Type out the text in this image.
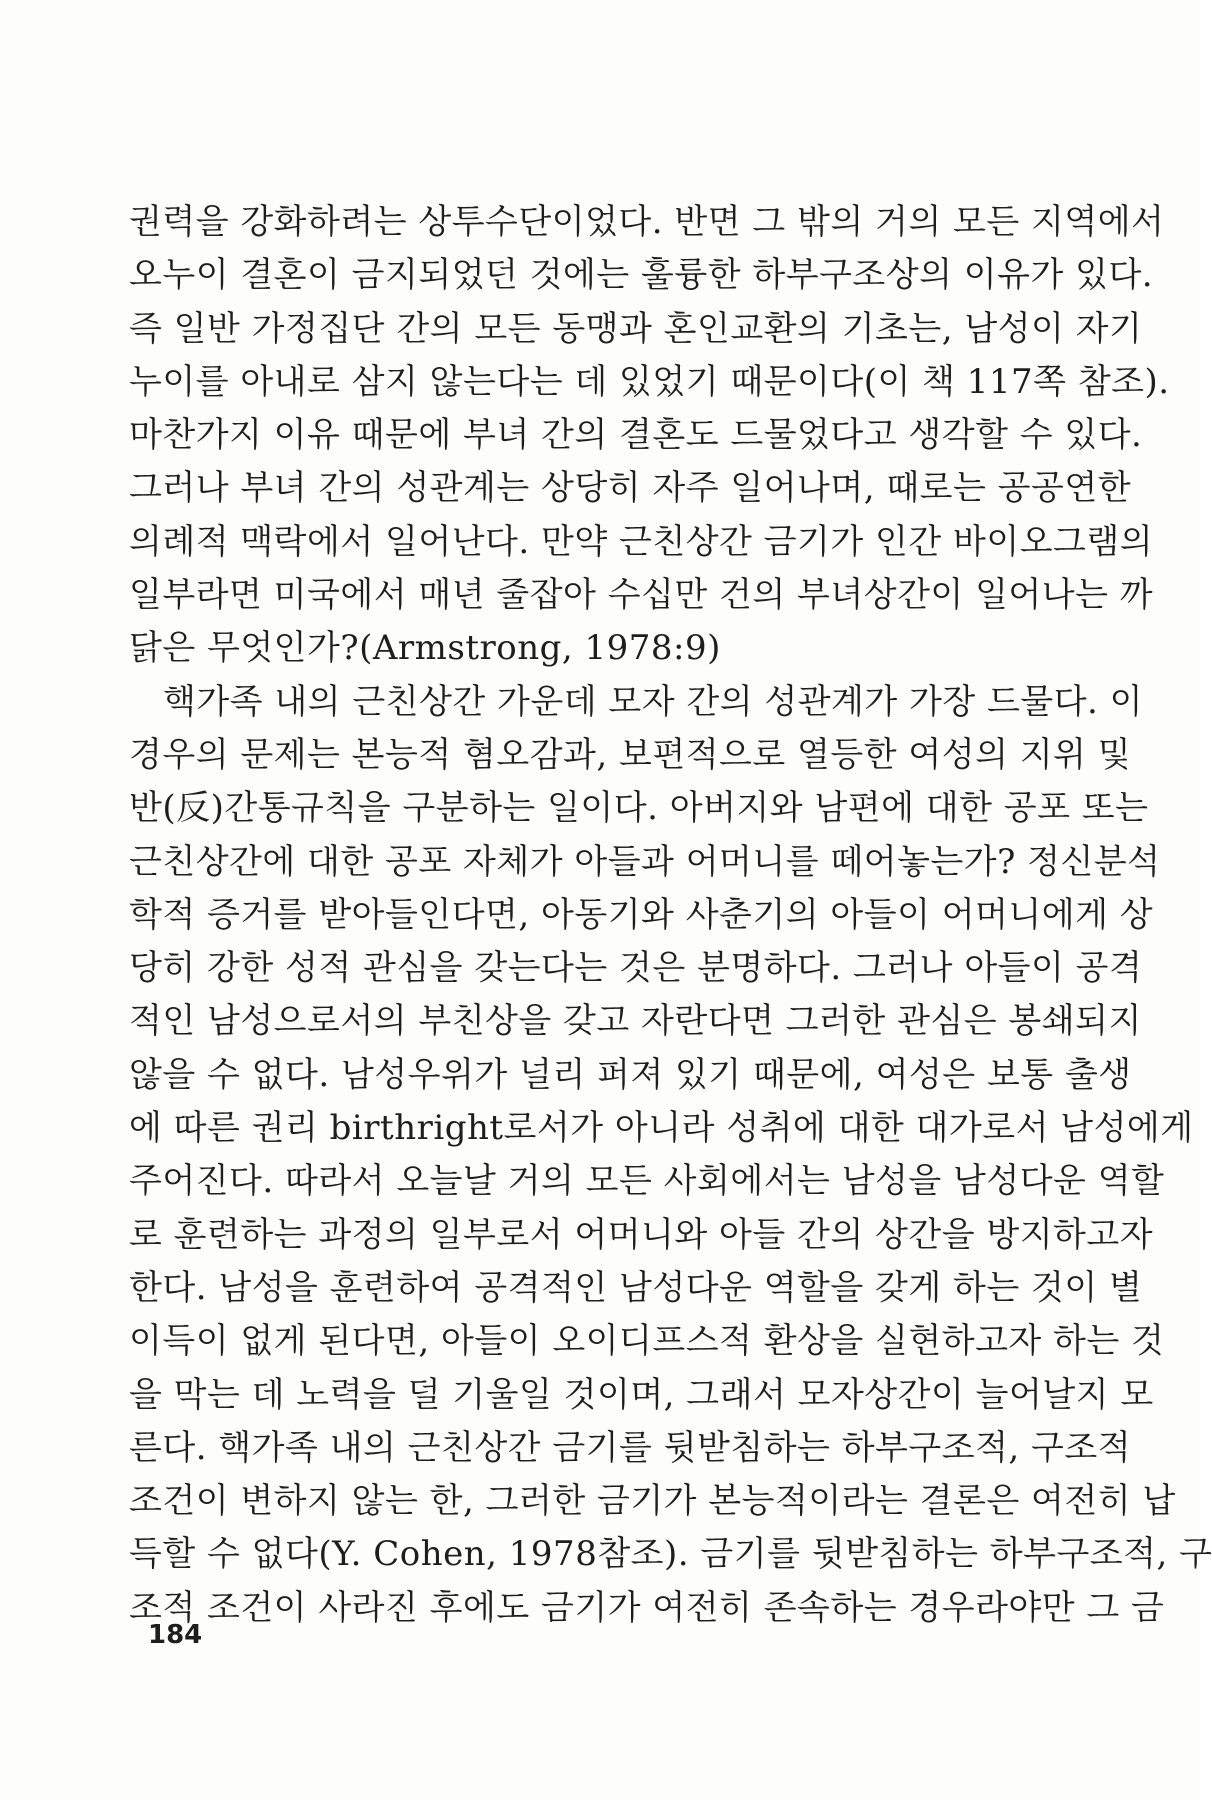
권력을 강화하려는 상투수단이었다. 반면 그 밖의 거의 모든 지역에서
오누이 결혼이 금지되었던 것에는 훌륭한 하부구조상의 이유가 있다.
즉 일반 가정집단 간의 모든 동맹과 혼인교환의 기초는, 남성이 자기
누이를 아내로 삼지 않는다는 데 있었기 때문이다(이 책 117쪽 참조).
마찬가지 이유 때문에 부녀 간의 결혼도 드물었다고 생각할 수 있다.
그러나 부녀 간의 성관계는 상당히 자주 일어나며, 때로는 공공연한
의례적 맥락에서 일어난다. 만약 근친상간 금기가 인간 바이오그램의
일부라면 미국에서 매년 줄잡아 수십만 건의 부녀상간이 일어나는 까
닭은 무엇인가?(Armstrong, 1978:9)
핵가족 내의 근친상간 가운데 모자 간의 성관계가 가장 드물다. 이
경우의 문제는 본능적 혐오감과, 보편적으로 열등한 여성의 지위 및
반(反)간통규칙을 구분하는 일이다. 아버지와 남편에 대한 공포 또는
근친상간에 대한 공포 자체가 아들과 어머니를 떼어놓는가? 정신분석
학적 증거를 받아들인다면, 아동기와 사춘기의 아들이 어머니에게 상
당히 강한 성적 관심을 갖는다는 것은 분명하다. 그러나 아들이 공격
적인 남성으로서의 부친상을 갖고 자란다면 그러한 관심은 봉쇄되지
않을 수 없다. 남성우위가 널리 퍼져 있기 때문에, 여성은 보통 출생
에 따른 권리 birthright로서가 아니라 성취에 대한 대가로서 남성에게
주어진다. 따라서 오늘날 거의 모든 사회에서는 남성을 남성다운 역할
로 훈련하는 과정의 일부로서 어머니와 아들 간의 상간을 방지하고자
한다. 남성을 훈련하여 공격적인 남성다운 역할을 갖게 하는 것이 별
이득이 없게 된다면, 아들이 오이디프스적 환상을 실현하고자 하는 것
을 막는 데 노력을 덜 기울일 것이며, 그래서 모자상간이 늘어날지 모
른다. 핵가족 내의 근친상간 금기를 뒷받침하는 하부구조적, 구조적
조건이 변하지 않는 한, 그러한 금기가 본능적이라는 결론은 여전히 납
득할 수 없다(Y. Cohen, 1978참조). 금기를 뒷받침하는 하부구조적, 구
조적 조건이 사라진 후에도 금기가 여전히 존속하는 경우라야만 그 금
184
